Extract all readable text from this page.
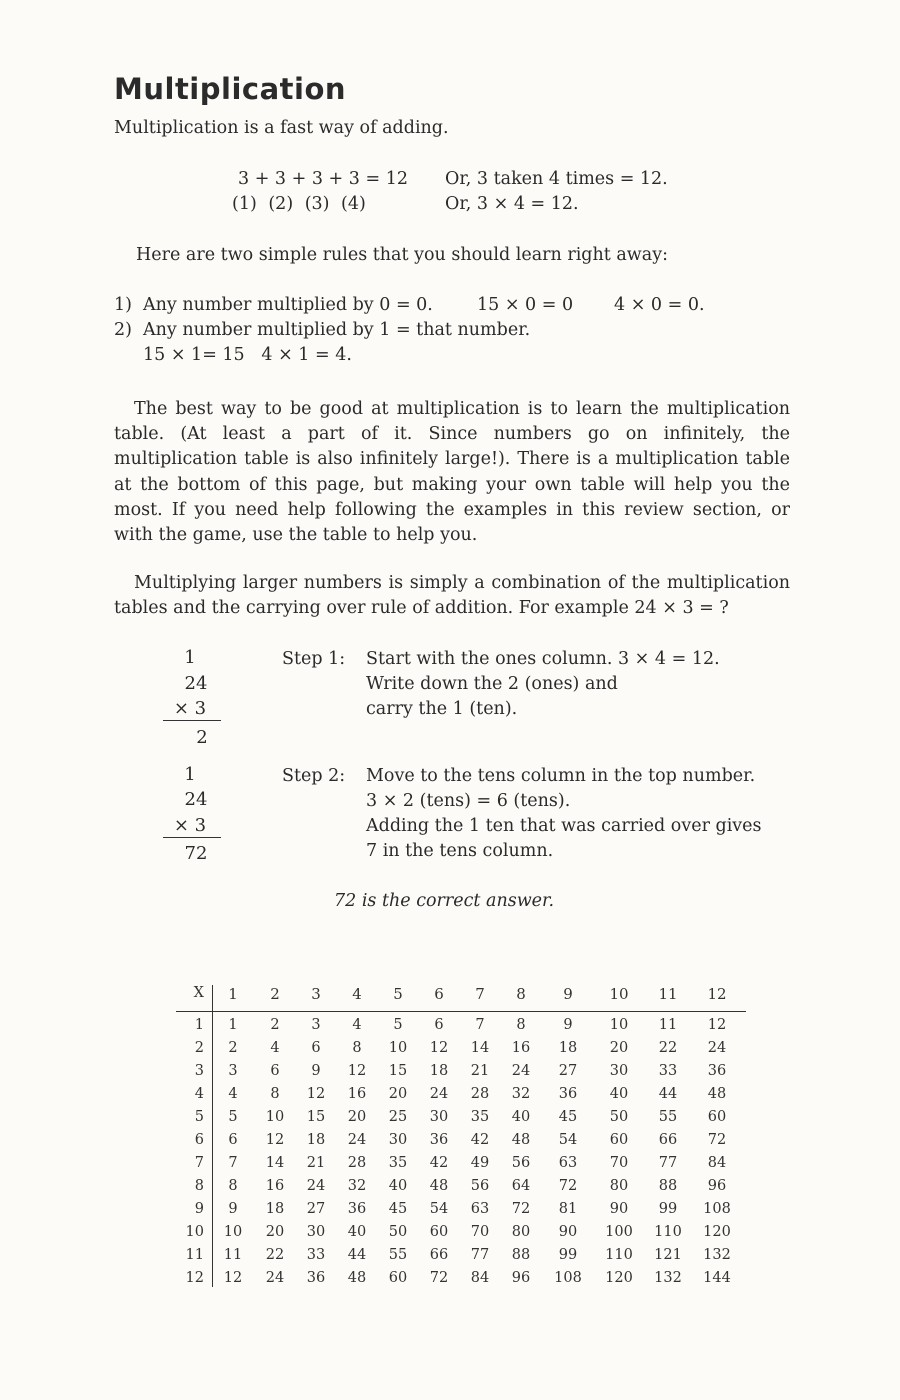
Multiplication
Multiplication is a fast way of adding.
3 + 3 + 3 + 3 = 12
(1) (2) (3) (4)
Or, 3 taken 4 times = 12.
Or, 3 × 4 = 12.
Here are two simple rules that you should learn right away:
1) Any number multiplied by 0 = 0.	15 × 0 = 0 4 × 0 = 0.
2) Any number multiplied by 1 = that number.
15 × 1= 15   4 × 1 = 4.
The best way to be good at multiplication is to learn the multiplication table. (At least a part of it. Since numbers go on infinitely, the multiplication table is also infinitely large!). There is a multiplication table at the bottom of this page, but making your own table will help you the most. If you need help following the examples in this review section, or with the game, use the table to help you.
Multiplying larger numbers is simply a combination of the multiplication tables and the carrying over rule of addition. For example 24 × 3 = ?
1
24
× 3
2
Step 1: Start with the ones column. 3 × 4 = 12.
Write down the 2 (ones) and
carry the 1 (ten).
1
24
× 3
72
Step 2: Move to the tens column in the top number.
3 × 2 (tens) = 6 (tens).
Adding the 1 ten that was carried over gives
7 in the tens column.
72 is the correct answer.
X	1	2	3	4	5	6	7	8	9	10	11	12
1	1	2	3	4	5	6	7	8	9	10	11	12
2	2	4	6	8	10	12	14	16	18	20	22	24
3	3	6	9	12	15	18	21	24	27	30	33	36
4	4	8	12	16	20	24	28	32	36	40	44	48
5	5	10	15	20	25	30	35	40	45	50	55	60
6	6	12	18	24	30	36	42	48	54	60	66	72
7	7	14	21	28	35	42	49	56	63	70	77	84
8	8	16	24	32	40	48	56	64	72	80	88	96
9	9	18	27	36	45	54	63	72	81	90	99	108
10	10	20	30	40	50	60	70	80	90	100 110 120
11	11	22	33	44	55	66	77	88	99	110 121 132
12	12	24	36	48	60	72	84	96	108 120 132 144
